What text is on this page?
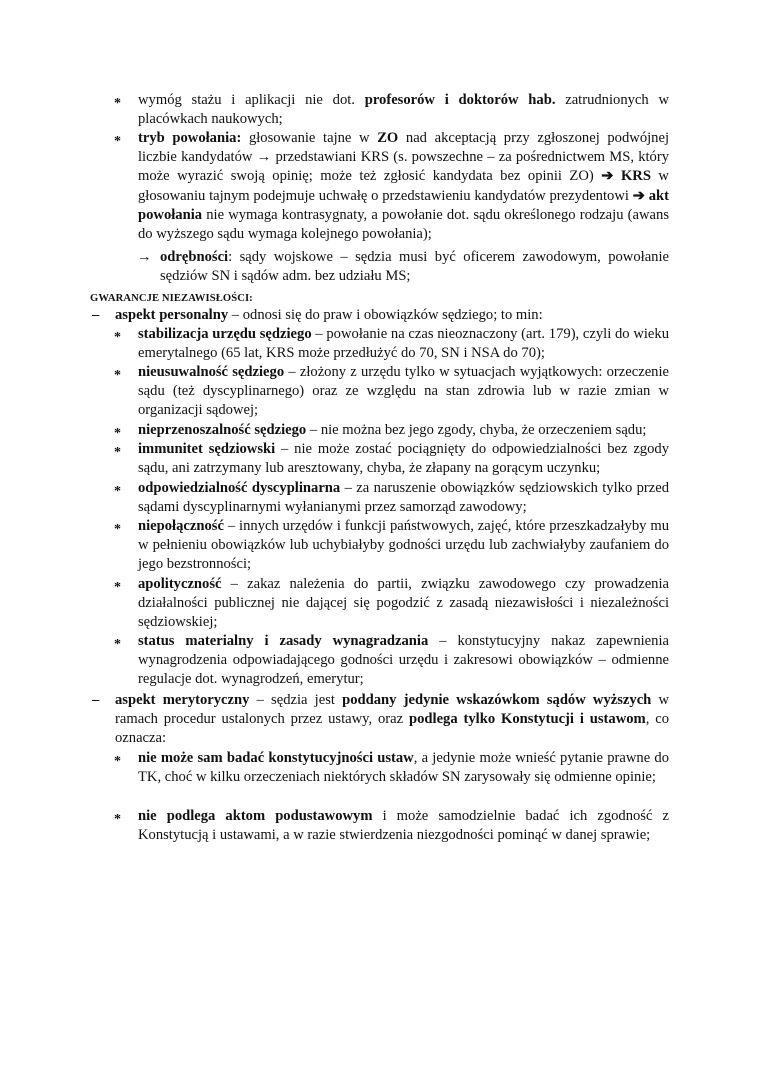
* wymóg stażu i aplikacji nie dot. profesorów i doktorów hab. zatrudnionych w placówkach naukowych;
* tryb powołania: głosowanie tajne w ZO nad akceptacją przy zgłoszonej podwójnej liczbie kandydatów → przedstawiani KRS (s. powszechne – za pośrednictwem MS, który może wyrazić swoją opinię; może też zgłosić kandydata bez opinii ZO) ➔ KRS w głosowaniu tajnym podejmuje uchwałę o przedstawieniu kandydatów prezydentowi ➔ akt powołania nie wymaga kontrasygnaty, a powołanie dot. sądu określonego rodzaju (awans do wyższego sądu wymaga kolejnego powołania);
→ odrębności: sądy wojskowe – sędzia musi być oficerem zawodowym, powołanie sędziów SN i sądów adm. bez udziału MS;
GWARANCJE NIEZAWISŁOŚCI:
– aspekt personalny – odnosi się do praw i obowiązków sędziego; to min:
* stabilizacja urzędu sędziego – powołanie na czas nieoznaczony (art. 179), czyli do wieku emerytalnego (65 lat, KRS może przedłużyć do 70, SN i NSA do 70);
* nieusuwalność sędziego – złożony z urzędu tylko w sytuacjach wyjątkowych: orzeczenie sądu (też dyscyplinarnego) oraz ze względu na stan zdrowia lub w razie zmian w organizacji sądowej;
* nieprzenoszalność sędziego – nie można bez jego zgody, chyba, że orzeczeniem sądu;
* immunitet sędziowski – nie może zostać pociągnięty do odpowiedzialności bez zgody sądu, ani zatrzymany lub aresztowany, chyba, że złapany na gorącym uczynku;
* odpowiedzialność dyscyplinarna – za naruszenie obowiązków sędziowskich tylko przed sądami dyscyplinarnymi wyłanianymi przez samorząd zawodowy;
* niepołączność – innych urzędów i funkcji państwowych, zajęć, które przeszkadzałyby mu w pełnieniu obowiązków lub uchybiałyby godności urzędu lub zachwiałyby zaufaniem do jego bezstronności;
* apolityczność – zakaz należenia do partii, związku zawodowego czy prowadzenia działalności publicznej nie dającej się pogodzić z zasadą niezawisłości i niezależności sędziowskiej;
* status materialny i zasady wynagradzania – konstytucyjny nakaz zapewnienia wynagrodzenia odpowiadającego godności urzędu i zakresowi obowiązków – odmienne regulacje dot. wynagrodzeń, emerytur;
– aspekt merytoryczny – sędzia jest poddany jedynie wskazówkom sądów wyższych w ramach procedur ustalonych przez ustawy, oraz podlega tylko Konstytucji i ustawom, co oznacza:
* nie może sam badać konstytucyjności ustaw, a jedynie może wnieść pytanie prawne do TK, choć w kilku orzeczeniach niektórych składów SN zarysowały się odmienne opinie;
* nie podlega aktom podustawowym i może samodzielnie badać ich zgodność z Konstytucją i ustawami, a w razie stwierdzenia niezgodności pominąć w danej sprawie;
